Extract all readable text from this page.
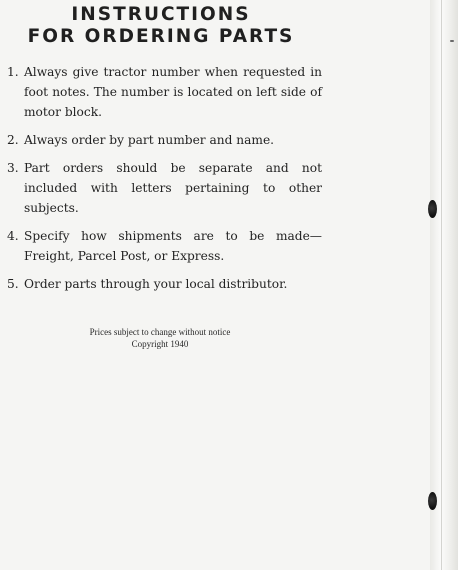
INSTRUCTIONS
FOR ORDERING PARTS
1. Always give tractor number when requested in foot notes. The number is located on left side of motor block.
2. Always order by part number and name.
3. Part orders should be separate and not included with letters pertaining to other subjects.
4. Specify how shipments are to be made—Freight, Parcel Post, or Express.
5. Order parts through your local distributor.
Prices subject to change without notice
Copyright 1940
